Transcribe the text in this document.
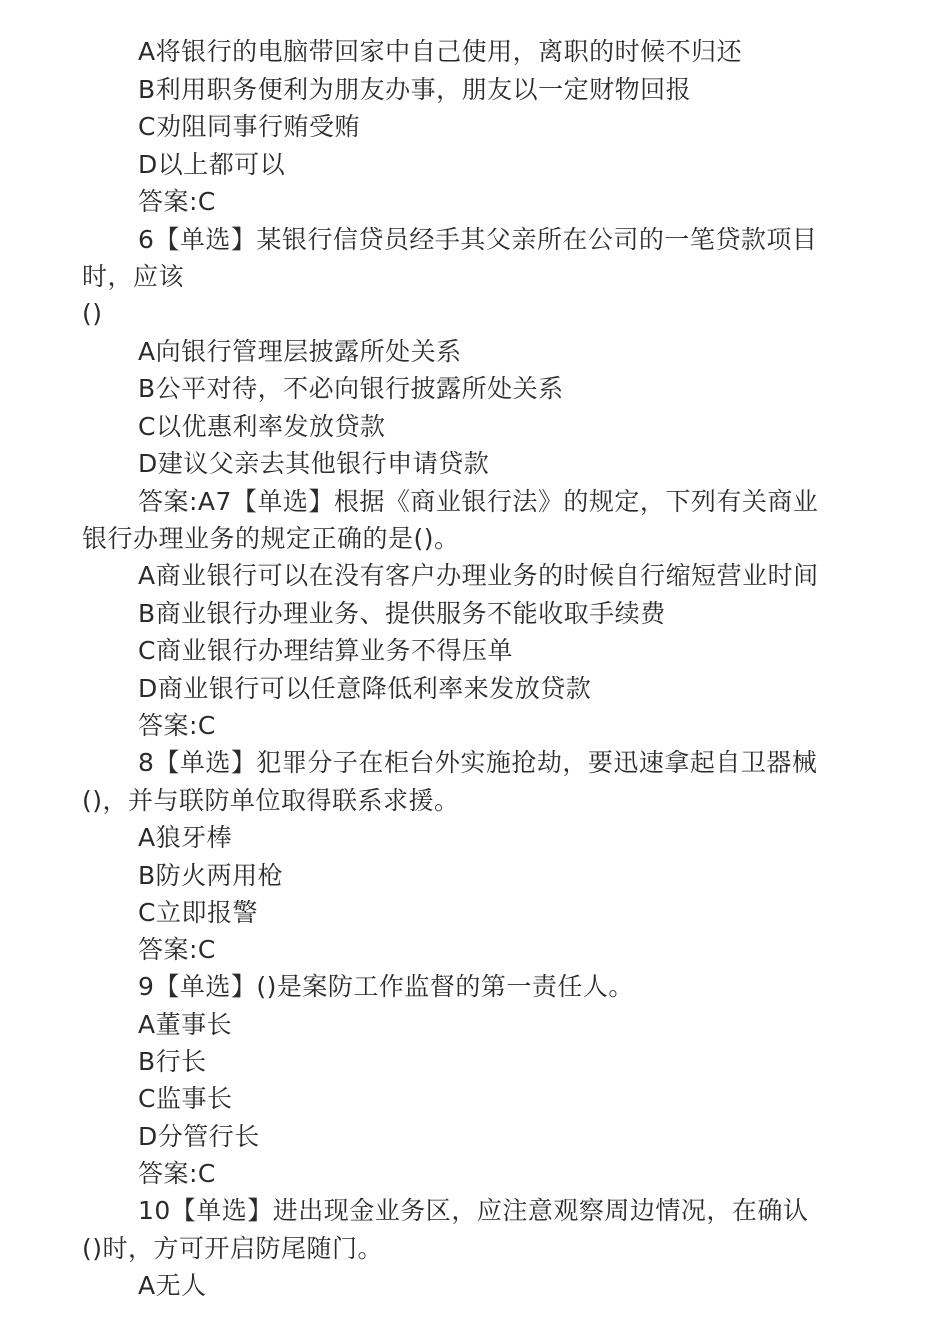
A将银行的电脑带回家中自己使用，离职的时候不归还
B利用职务便利为朋友办事，朋友以一定财物回报
C劝阻同事行贿受贿
D以上都可以
答案:C
6【单选】某银行信贷员经手其父亲所在公司的一笔贷款项目
时，应该
()
A向银行管理层披露所处关系
B公平对待，不必向银行披露所处关系
C以优惠利率发放贷款
D建议父亲去其他银行申请贷款
答案:A7【单选】根据《商业银行法》的规定，下列有关商业
银行办理业务的规定正确的是()。
A商业银行可以在没有客户办理业务的时候自行缩短营业时间
B商业银行办理业务、提供服务不能收取手续费
C商业银行办理结算业务不得压单
D商业银行可以任意降低利率来发放贷款
答案:C
8【单选】犯罪分子在柜台外实施抢劫，要迅速拿起自卫器械
()，并与联防单位取得联系求援。
A狼牙棒
B防火两用枪
C立即报警
答案:C
9【单选】()是案防工作监督的第一责任人。
A董事长
B行长
C监事长
D分管行长
答案:C
10【单选】进出现金业务区，应注意观察周边情况，在确认
()时，方可开启防尾随门。
A无人
